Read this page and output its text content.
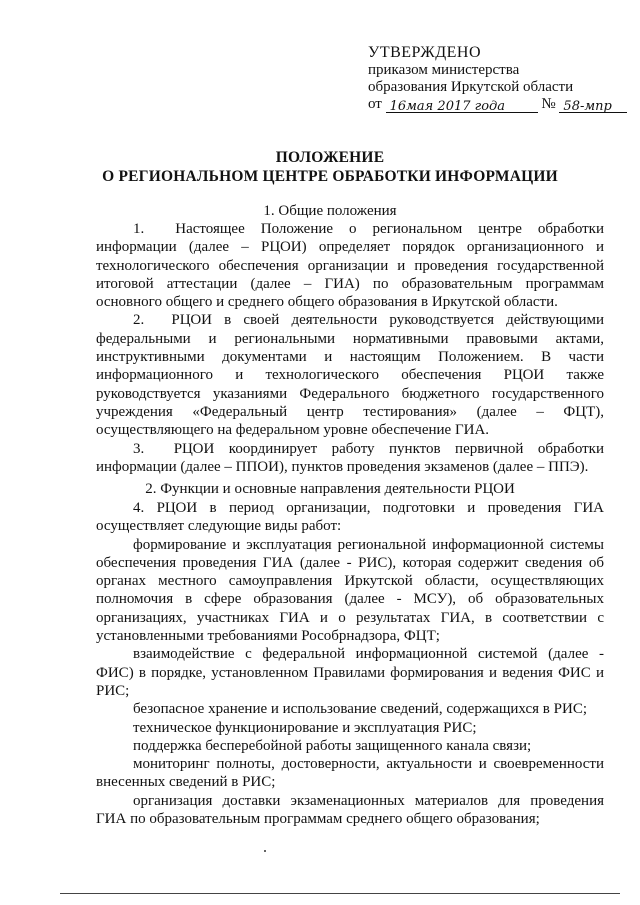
УТВЕРЖДЕНО
приказом министерства
образования Иркутской области
от 16мая 2017 года № 58-мпр
ПОЛОЖЕНИЕ
О РЕГИОНАЛЬНОМ ЦЕНТРЕ ОБРАБОТКИ ИНФОРМАЦИИ
1. Общие положения

1.  Настоящее Положение о региональном центре обработки информации (далее – РЦОИ) определяет порядок организационного и технологического обеспечения организации и проведения государственной итоговой аттестации (далее – ГИА) по образовательным программам основного общего и среднего общего образования в Иркутской области.

2.  РЦОИ в своей деятельности руководствуется действующими федеральными и региональными нормативными правовыми актами, инструктивными документами и настоящим Положением. В части информационного и технологического обеспечения РЦОИ также руководствуется указаниями Федерального бюджетного государственного учреждения «Федеральный центр тестирования» (далее – ФЦТ), осуществляющего на федеральном уровне обеспечение ГИА.

3.  РЦОИ координирует работу пунктов первичной обработки информации (далее – ППОИ), пунктов проведения экзаменов (далее – ППЭ).

2. Функции и основные направления деятельности РЦОИ

4. РЦОИ в период организации, подготовки и проведения ГИА осуществляет следующие виды работ:

формирование и эксплуатация региональной информационной системы обеспечения проведения ГИА (далее - РИС), которая содержит сведения об органах местного самоуправления Иркутской области, осуществляющих полномочия в сфере образования (далее - МСУ), об образовательных организациях, участниках ГИА и о результатах ГИА, в соответствии с установленными требованиями Рособрнадзора, ФЦТ;

взаимодействие с федеральной информационной системой (далее - ФИС) в порядке, установленном Правилами формирования и ведения ФИС и РИС;

безопасное хранение и использование сведений, содержащихся в РИС;

техническое функционирование и эксплуатация РИС;

поддержка бесперебойной работы защищенного канала связи;

мониторинг полноты, достоверности, актуальности и своевременности внесенных сведений в РИС;

организация доставки экзаменационных материалов для проведения ГИА по образовательным программам среднего общего образования;
